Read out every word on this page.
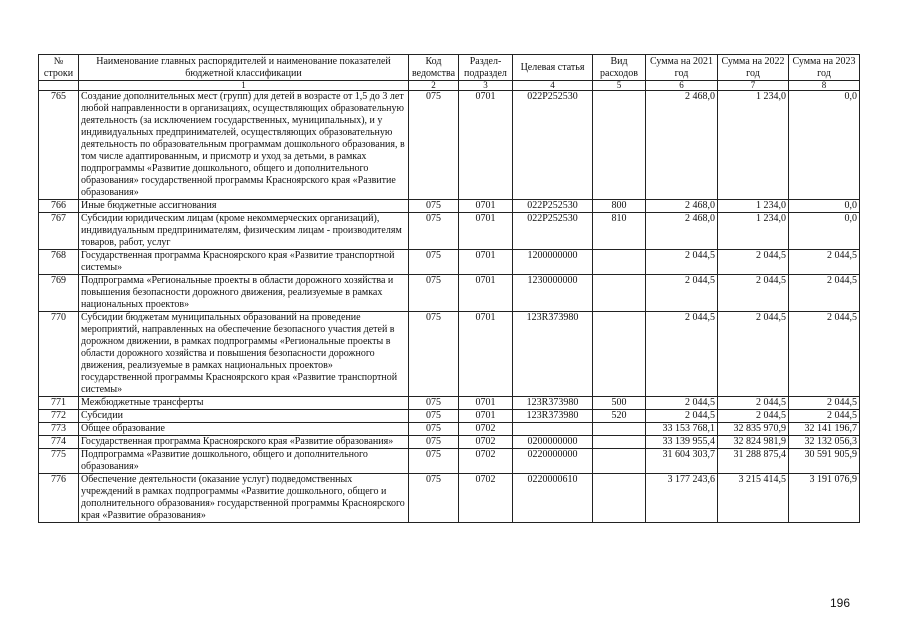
№ строки	Наименование главных распорядителей и наименование показателей бюджетной классификации	Код ведомства	Раздел-подраздел	Целевая статья	Вид расходов	Сумма на 2021 год	Сумма на 2022 год	Сумма на 2023 год
	1	2	3	4	5	6	7	8
765	Создание дополнительных мест (групп) для детей в возрасте от 1,5 до 3 лет любой направленности в организациях, осуществляющих образовательную деятельность (за исключением государственных, муниципальных), и у индивидуальных предпринимателей, осуществляющих образовательную деятельность по образовательным программам дошкольного образования, в том числе адаптированным, и присмотр и уход за детьми, в рамках подпрограммы «Развитие дошкольного, общего и дополнительного образования» государственной программы Красноярского края «Развитие образования»	075	0701	022P252530		2 468,0	1 234,0	0,0
766	Иные бюджетные ассигнования	075	0701	022P252530	800	2 468,0	1 234,0	0,0
767	Субсидии юридическим лицам (кроме некоммерческих организаций), индивидуальным предпринимателям, физическим лицам - производителям товаров, работ, услуг	075	0701	022P252530	810	2 468,0	1 234,0	0,0
768	Государственная программа Красноярского края «Развитие транспортной системы»	075	0701	1200000000		2 044,5	2 044,5	2 044,5
769	Подпрограмма «Региональные проекты в области дорожного хозяйства и повышения безопасности дорожного движения, реализуемые в рамках национальных проектов»	075	0701	1230000000		2 044,5	2 044,5	2 044,5
770	Субсидии бюджетам муниципальных образований на проведение мероприятий, направленных на обеспечение безопасного участия детей в дорожном движении, в рамках подпрограммы «Региональные проекты в области дорожного хозяйства и повышения безопасности дорожного движения, реализуемые в рамках национальных проектов» государственной программы Красноярского края «Развитие транспортной системы»	075	0701	123R373980		2 044,5	2 044,5	2 044,5
771	Межбюджетные трансферты	075	0701	123R373980	500	2 044,5	2 044,5	2 044,5
772	Субсидии	075	0701	123R373980	520	2 044,5	2 044,5	2 044,5
773	Общее образование	075	0702			33 153 768,1	32 835 970,9	32 141 196,7
774	Государственная программа Красноярского края «Развитие образования»	075	0702	0200000000		33 139 955,4	32 824 981,9	32 132 056,3
775	Подпрограмма «Развитие дошкольного, общего и дополнительного образования»	075	0702	0220000000		31 604 303,7	31 288 875,4	30 591 905,9
776	Обеспечение деятельности (оказание услуг) подведомственных учреждений в рамках подпрограммы «Развитие дошкольного, общего и дополнительного образования» государственной программы Красноярского края «Развитие образования»	075	0702	0220000610		3 177 243,6	3 215 414,5	3 191 076,9
196
